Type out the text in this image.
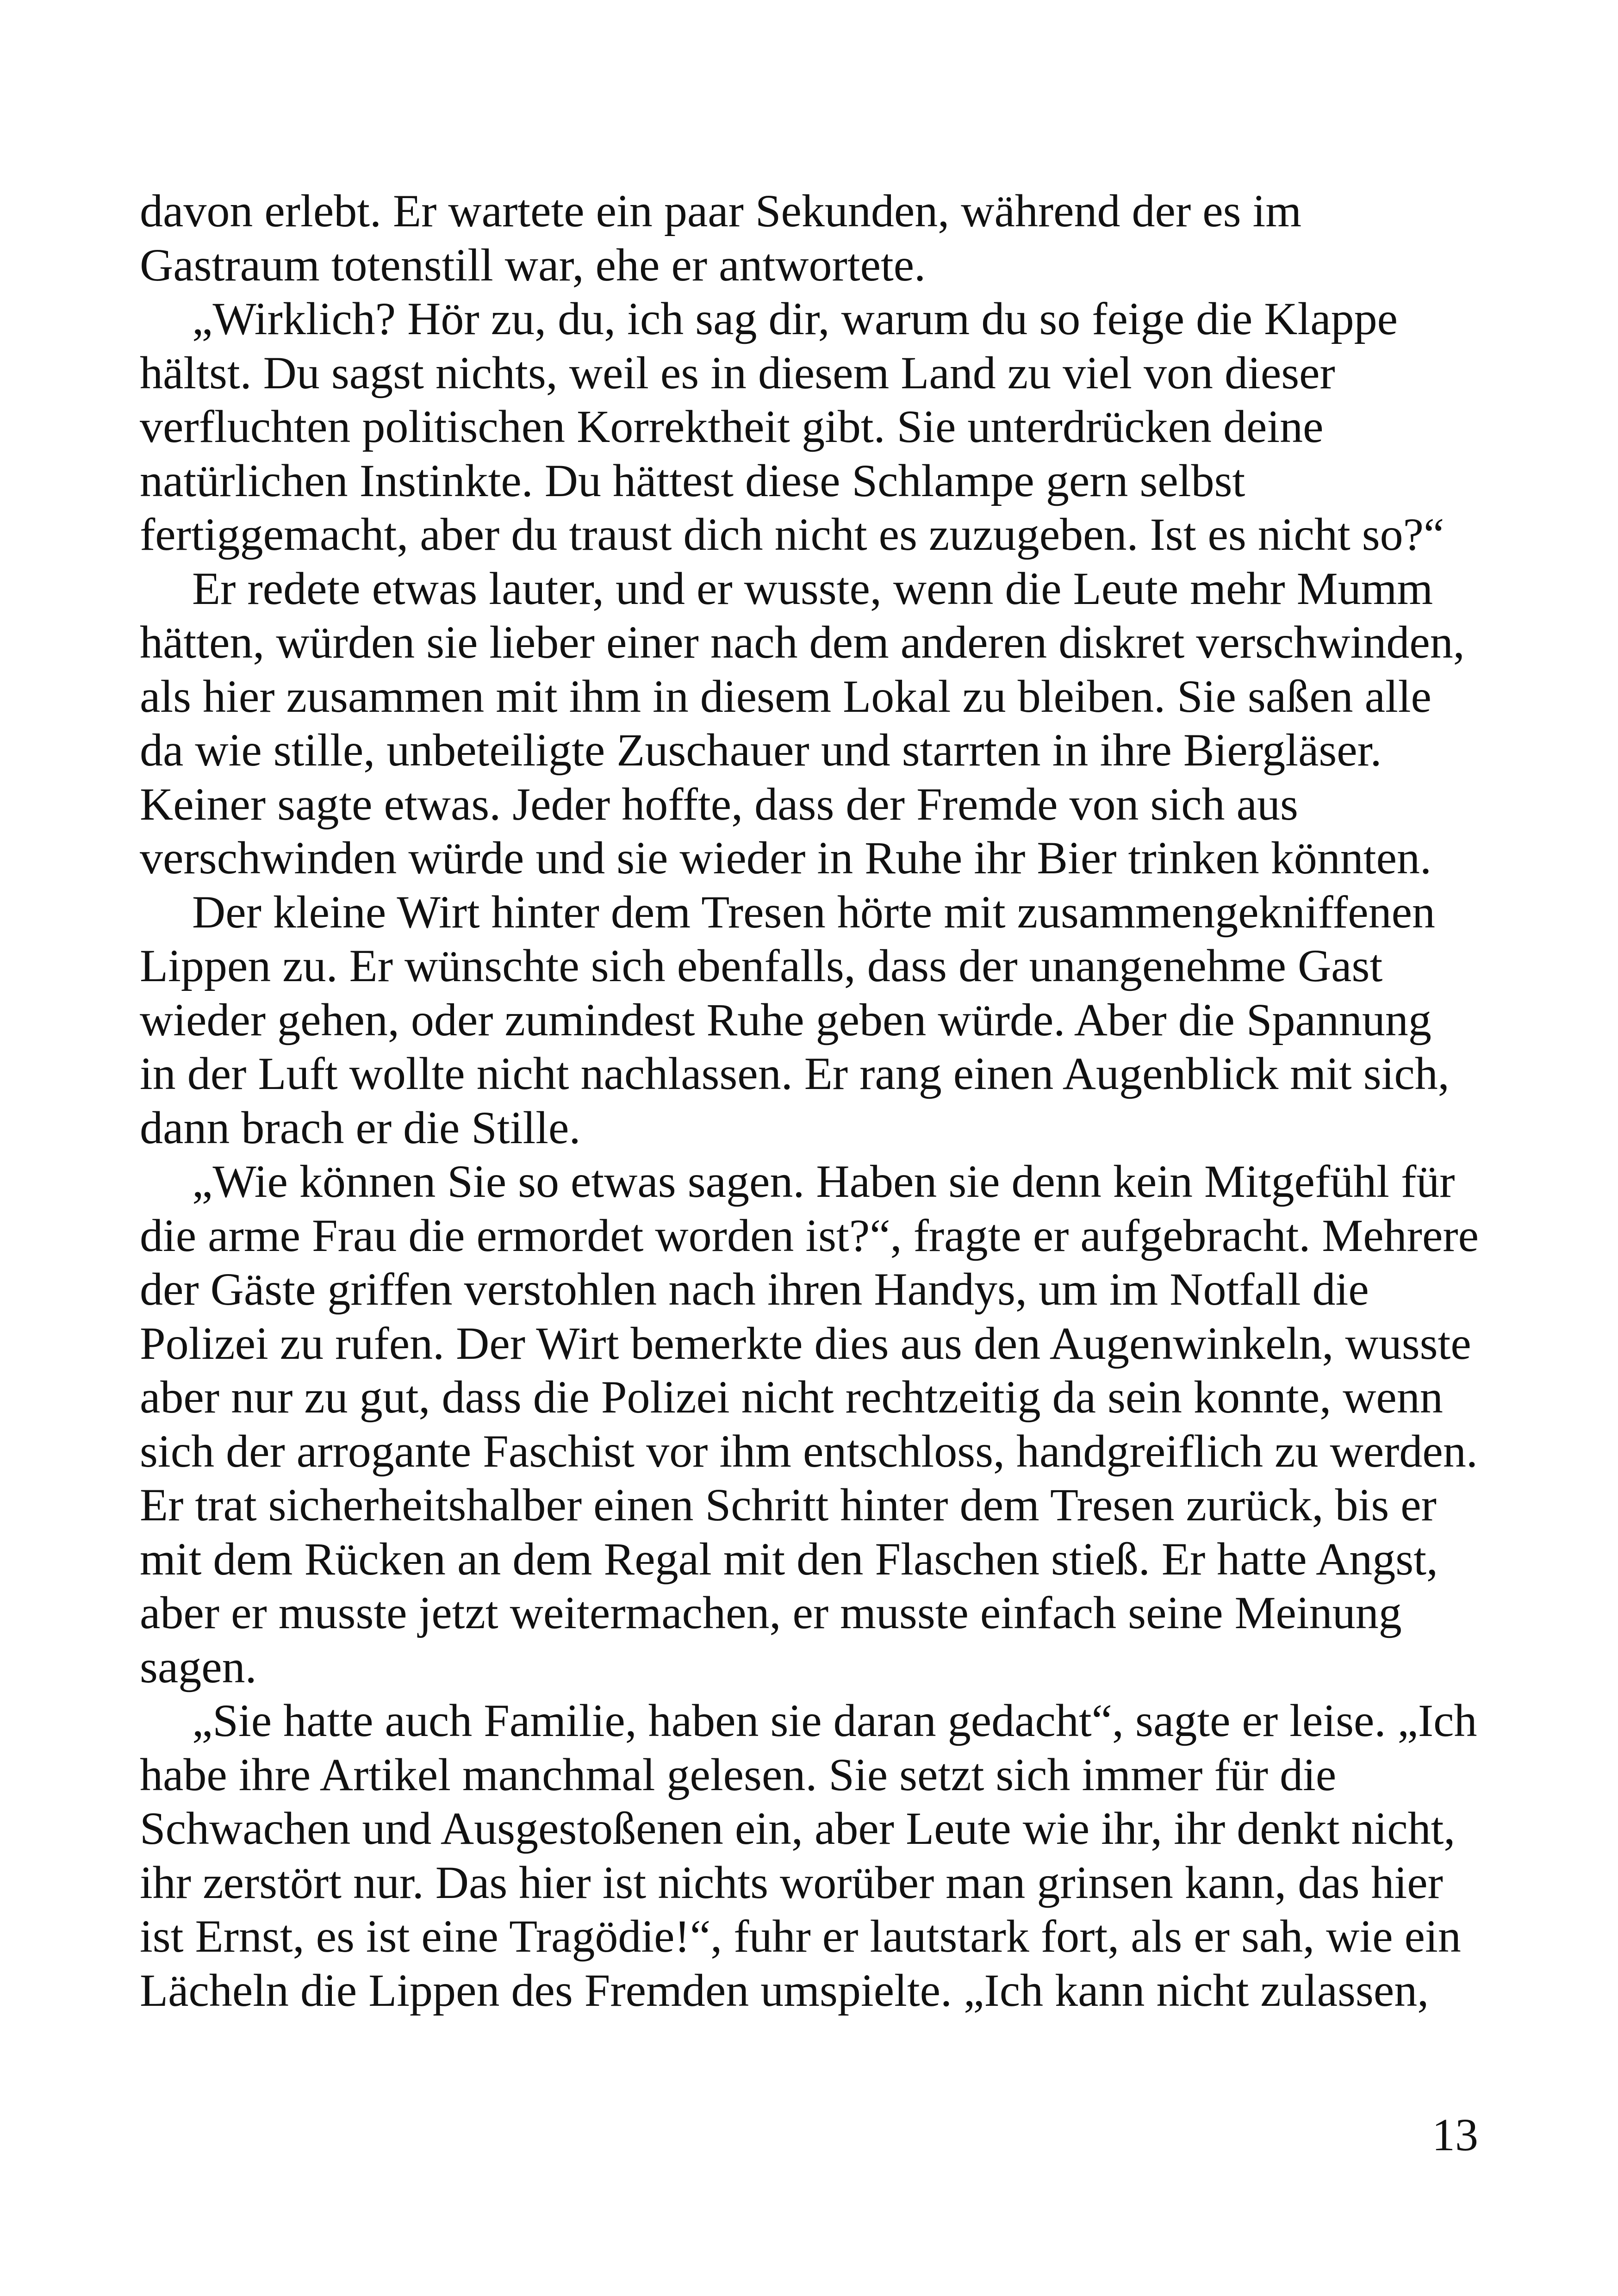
davon erlebt. Er wartete ein paar Sekunden, während der es im
Gastraum totenstill war, ehe er antwortete.
„Wirklich? Hör zu, du, ich sag dir, warum du so feige die Klappe
hältst. Du sagst nichts, weil es in diesem Land zu viel von dieser
verfluchten politischen Korrektheit gibt. Sie unterdrücken deine
natürlichen Instinkte. Du hättest diese Schlampe gern selbst
fertiggemacht, aber du traust dich nicht es zuzugeben. Ist es nicht so?“
Er redete etwas lauter, und er wusste, wenn die Leute mehr Mumm
hätten, würden sie lieber einer nach dem anderen diskret verschwinden,
als hier zusammen mit ihm in diesem Lokal zu bleiben. Sie saßen alle
da wie stille, unbeteiligte Zuschauer und starrten in ihre Biergläser.
Keiner sagte etwas. Jeder hoffte, dass der Fremde von sich aus
verschwinden würde und sie wieder in Ruhe ihr Bier trinken könnten.
Der kleine Wirt hinter dem Tresen hörte mit zusammengekniffenen
Lippen zu. Er wünschte sich ebenfalls, dass der unangenehme Gast
wieder gehen, oder zumindest Ruhe geben würde. Aber die Spannung
in der Luft wollte nicht nachlassen. Er rang einen Augenblick mit sich,
dann brach er die Stille.
„Wie können Sie so etwas sagen. Haben sie denn kein Mitgefühl für
die arme Frau die ermordet worden ist?“, fragte er aufgebracht. Mehrere
der Gäste griffen verstohlen nach ihren Handys, um im Notfall die
Polizei zu rufen. Der Wirt bemerkte dies aus den Augenwinkeln, wusste
aber nur zu gut, dass die Polizei nicht rechtzeitig da sein konnte, wenn
sich der arrogante Faschist vor ihm entschloss, handgreiflich zu werden.
Er trat sicherheitshalber einen Schritt hinter dem Tresen zurück, bis er
mit dem Rücken an dem Regal mit den Flaschen stieß. Er hatte Angst,
aber er musste jetzt weitermachen, er musste einfach seine Meinung
sagen.
„Sie hatte auch Familie, haben sie daran gedacht“, sagte er leise. „Ich
habe ihre Artikel manchmal gelesen. Sie setzt sich immer für die
Schwachen und Ausgestoßenen ein, aber Leute wie ihr, ihr denkt nicht,
ihr zerstört nur. Das hier ist nichts worüber man grinsen kann, das hier
ist Ernst, es ist eine Tragödie!“, fuhr er lautstark fort, als er sah, wie ein
Lächeln die Lippen des Fremden umspielte. „Ich kann nicht zulassen,
13
